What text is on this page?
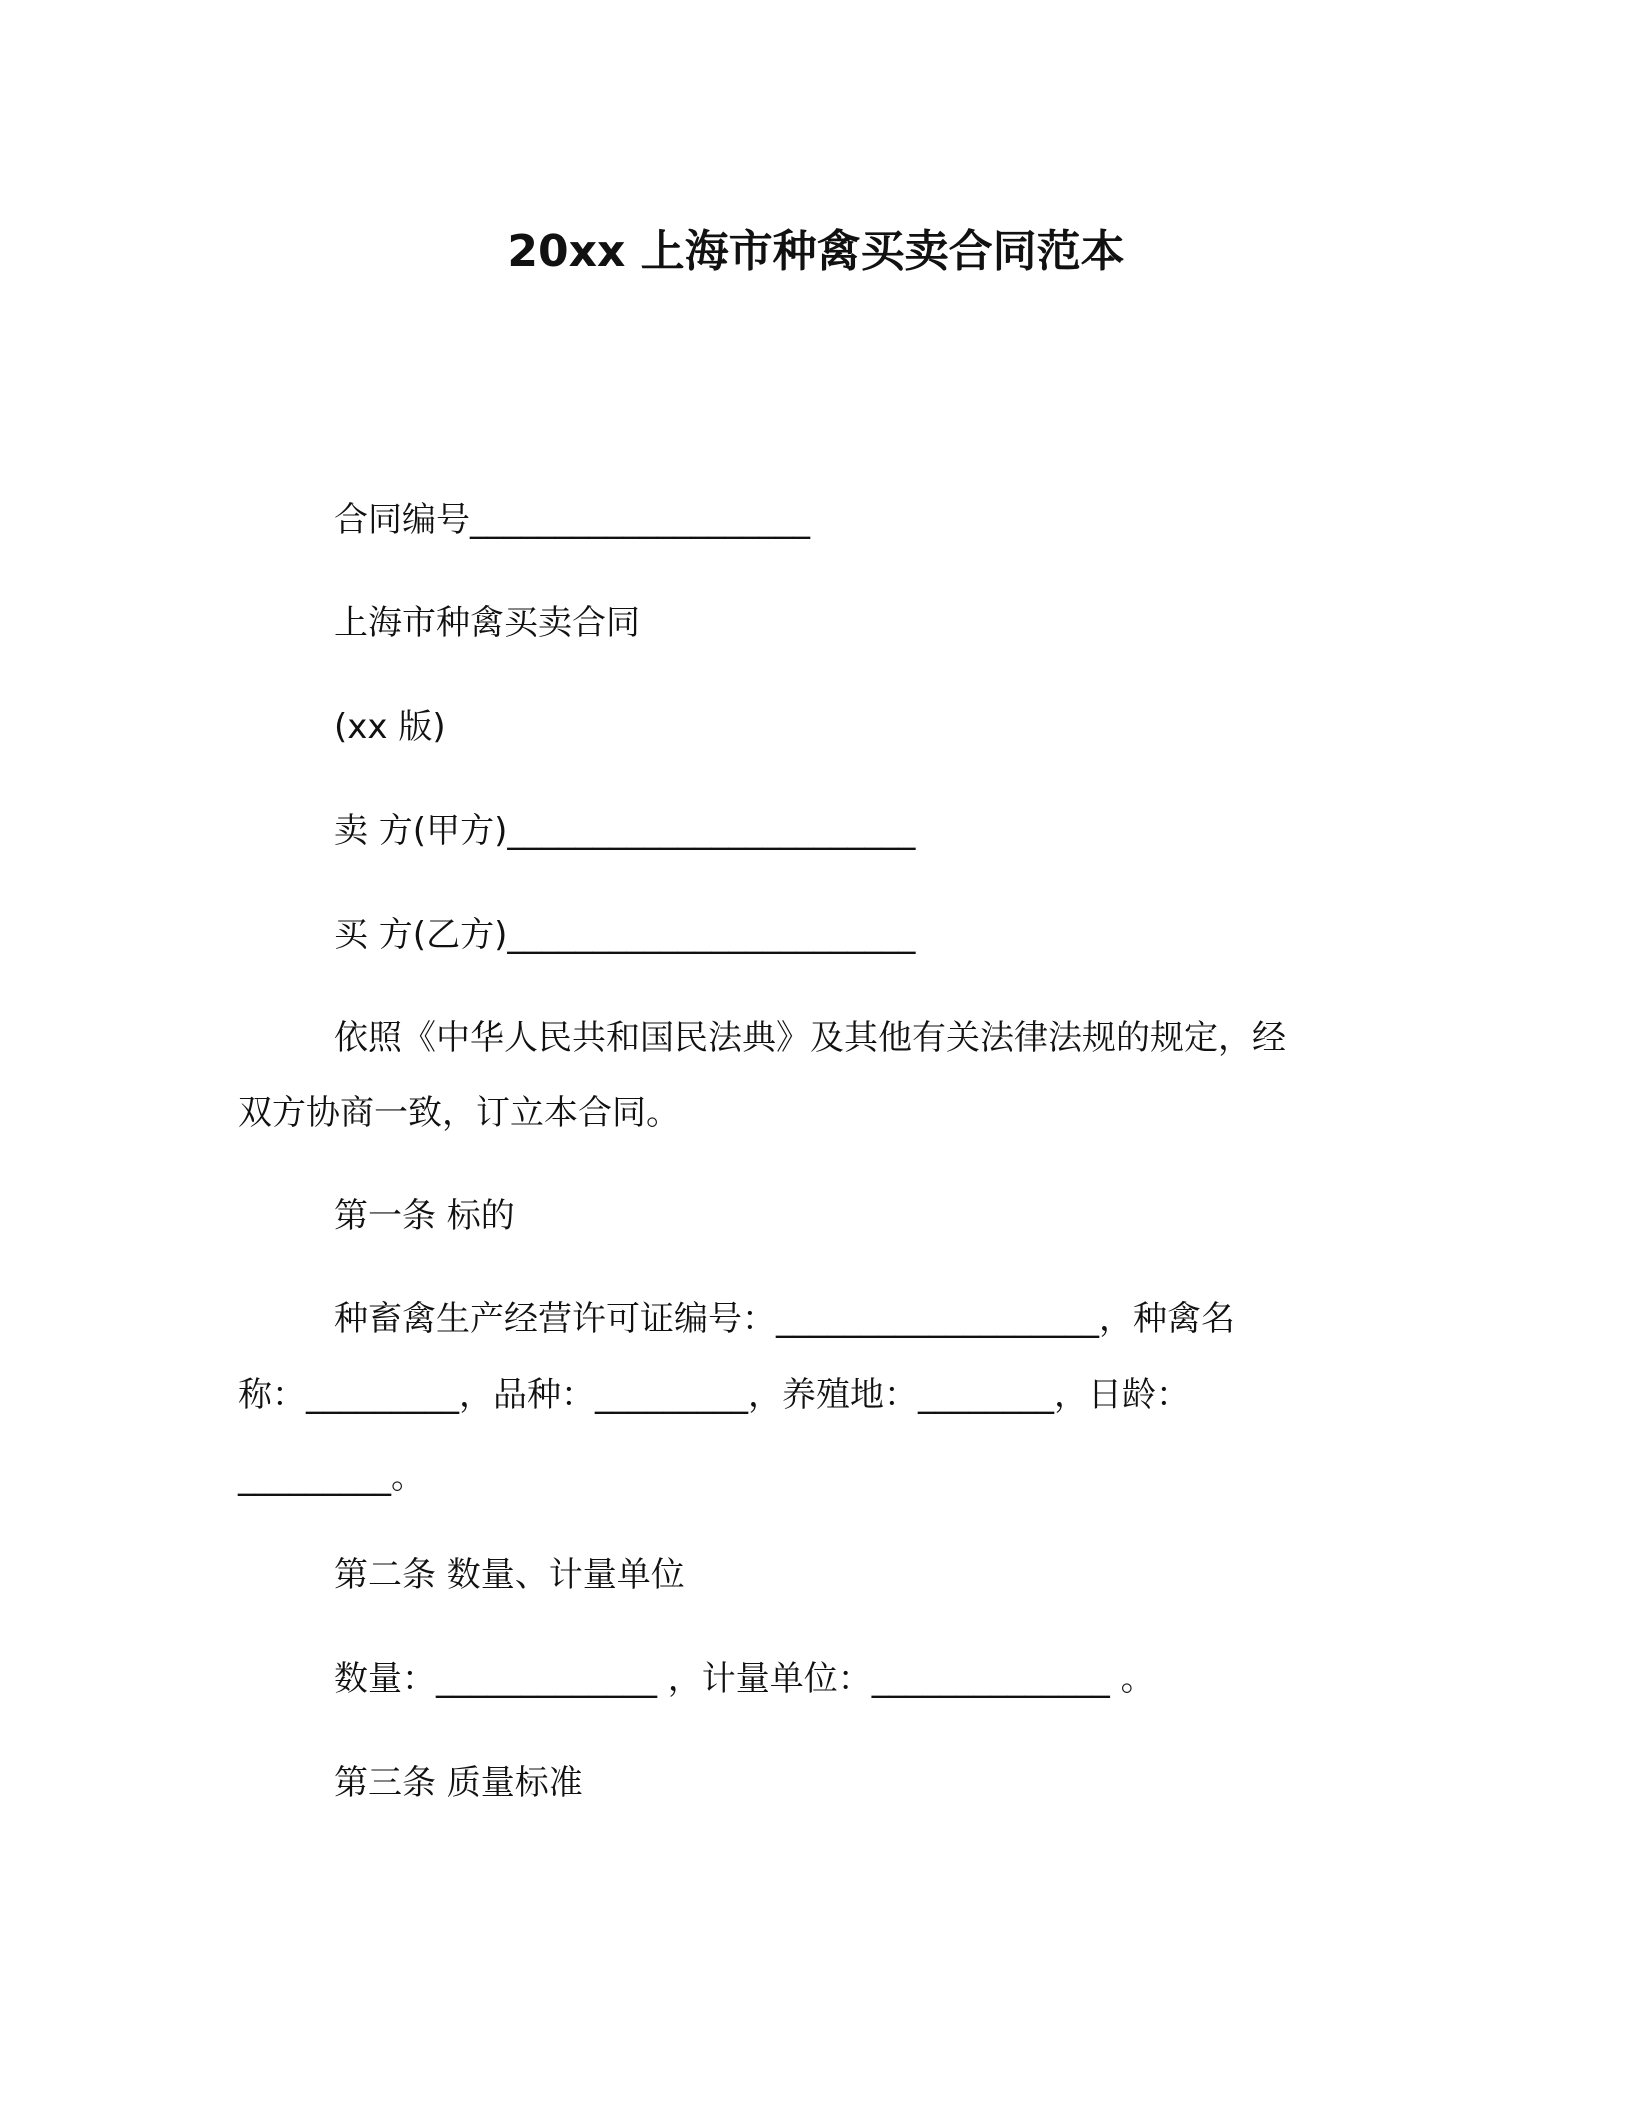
20xx 上海市种禽买卖合同范本
合同编号____________________
上海市种禽买卖合同
(xx 版)
卖 方(甲方)________________________
买 方(乙方)________________________
依照《中华人民共和国民法典》及其他有关法律法规的规定，经
双方协商一致，订立本合同。
第一条 标的
种畜禽生产经营许可证编号：___________________，种禽名
称：_________，品种：_________，养殖地：________，日龄：
_________。
第二条 数量、计量单位
数量：_____________ ，计量单位：______________ 。
第三条 质量标准
